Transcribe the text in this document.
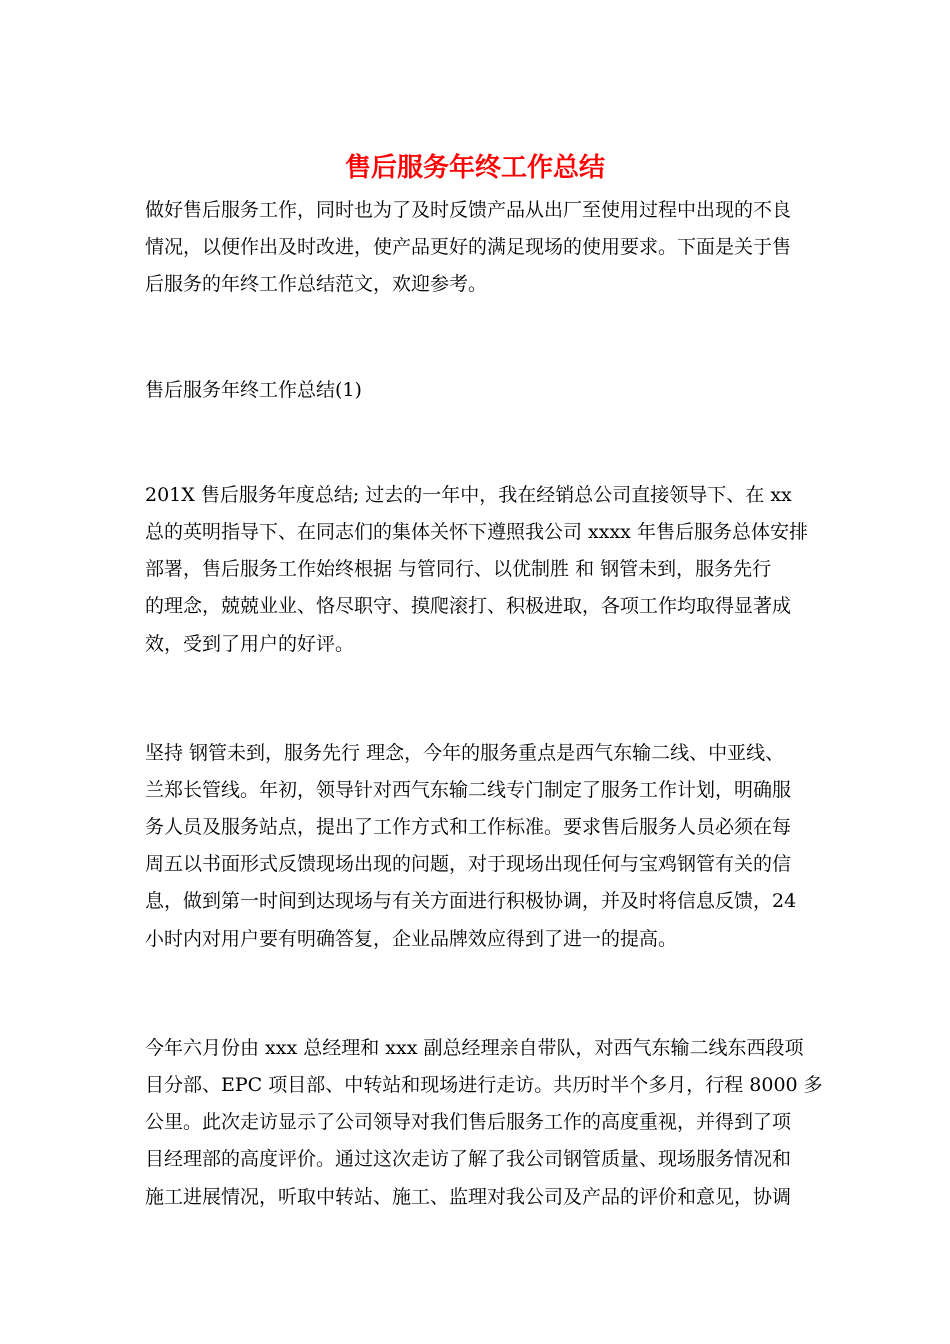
售后服务年终工作总结
做好售后服务工作，同时也为了及时反馈产品从出厂至使用过程中出现的不良
情况，以便作出及时改进，使产品更好的满足现场的使用要求。下面是关于售
后服务的年终工作总结范文，欢迎参考。
售后服务年终工作总结(1)
201X 售后服务年度总结; 过去的一年中，我在经销总公司直接领导下、在 xx
总的英明指导下、在同志们的集体关怀下遵照我公司 xxxx 年售后服务总体安排
部署，售后服务工作始终根据 与管同行、以优制胜 和 钢管未到，服务先行
的理念，兢兢业业、恪尽职守、摸爬滚打、积极进取，各项工作均取得显著成
效，受到了用户的好评。
坚持 钢管未到，服务先行 理念，今年的服务重点是西气东输二线、中亚线、
兰郑长管线。年初，领导针对西气东输二线专门制定了服务工作计划，明确服
务人员及服务站点，提出了工作方式和工作标准。要求售后服务人员必须在每
周五以书面形式反馈现场出现的问题，对于现场出现任何与宝鸡钢管有关的信
息，做到第一时间到达现场与有关方面进行积极协调，并及时将信息反馈，24
小时内对用户要有明确答复，企业品牌效应得到了进一的提高。
今年六月份由 xxx 总经理和 xxx 副总经理亲自带队，对西气东输二线东西段项
目分部、EPC 项目部、中转站和现场进行走访。共历时半个多月，行程 8000 多
公里。此次走访显示了公司领导对我们售后服务工作的高度重视，并得到了项
目经理部的高度评价。通过这次走访了解了我公司钢管质量、现场服务情况和
施工进展情况，听取中转站、施工、监理对我公司及产品的评价和意见，协调
